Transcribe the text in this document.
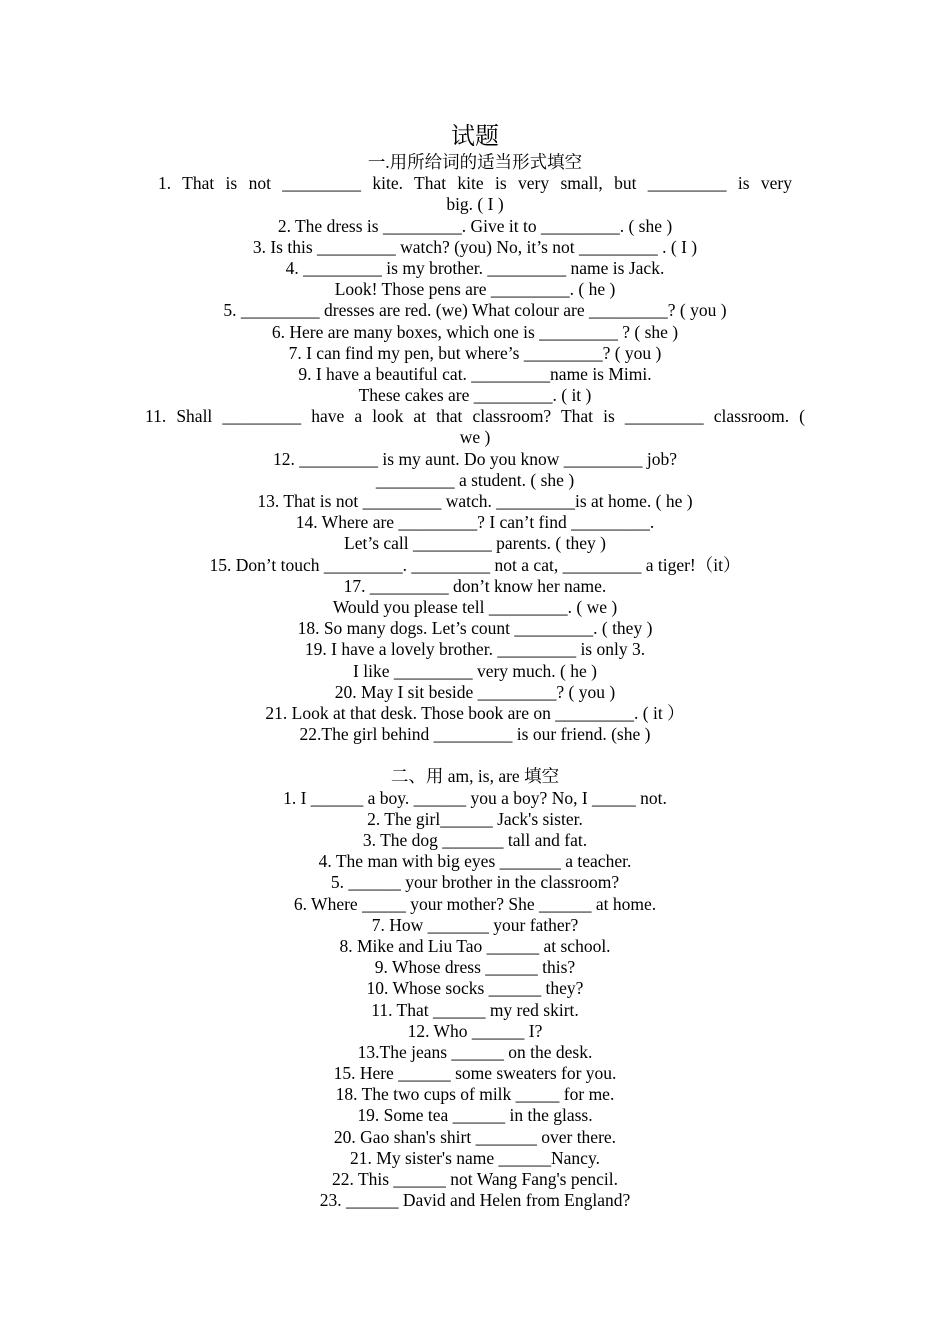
试题
一.用所给词的适当形式填空
1. That is not _________ kite. That kite is very small, but _________ is very
big. ( I )
2. The dress is _________. Give it to _________. ( she )
3. Is this _________ watch? (you) No, it’s not _________ . ( I )
4. _________ is my brother. _________ name is Jack.
Look! Those pens are _________. ( he )
5. _________ dresses are red. (we) What colour are _________? ( you )
6. Here are many boxes, which one is _________ ? ( she )
7. I can find my pen, but where’s _________? ( you )
9. I have a beautiful cat. _________name is Mimi.
These cakes are _________. ( it )
11. Shall _________ have a look at that classroom? That is _________ classroom. (
we )
12. _________ is my aunt. Do you know _________ job?
_________ a student. ( she )
13. That is not _________ watch. _________is at home. ( he )
14. Where are _________? I can’t find _________.
Let’s call _________ parents. ( they )
15. Don’t touch _________. _________ not a cat, _________ a tiger!（it）
17. _________ don’t know her name.
Would you please tell _________. ( we )
18. So many dogs. Let’s count _________. ( they )
19. I have a lovely brother. _________ is only 3.
I like _________ very much. ( he )
20. May I sit beside _________? ( you )
21. Look at that desk. Those book are on _________. ( it ）
22.The girl behind _________ is our friend. (she )
二、用 am, is, are 填空
1. I ______ a boy. ______ you a boy? No, I _____ not.
2. The girl______ Jack's sister.
3. The dog _______ tall and fat.
4. The man with big eyes _______ a teacher.
5. ______ your brother in the classroom?
6. Where _____ your mother? She ______ at home.
7. How _______ your father?
8. Mike and Liu Tao ______ at school.
9. Whose dress ______ this?
10. Whose socks ______ they?
11. That ______ my red skirt.
12. Who ______ I?
13.The jeans ______ on the desk.
15. Here ______ some sweaters for you.
18. The two cups of milk _____ for me.
19. Some tea ______ in the glass.
20. Gao shan's shirt _______ over there.
21. My sister's name ______Nancy.
22. This ______ not Wang Fang's pencil.
23. ______ David and Helen from England?
